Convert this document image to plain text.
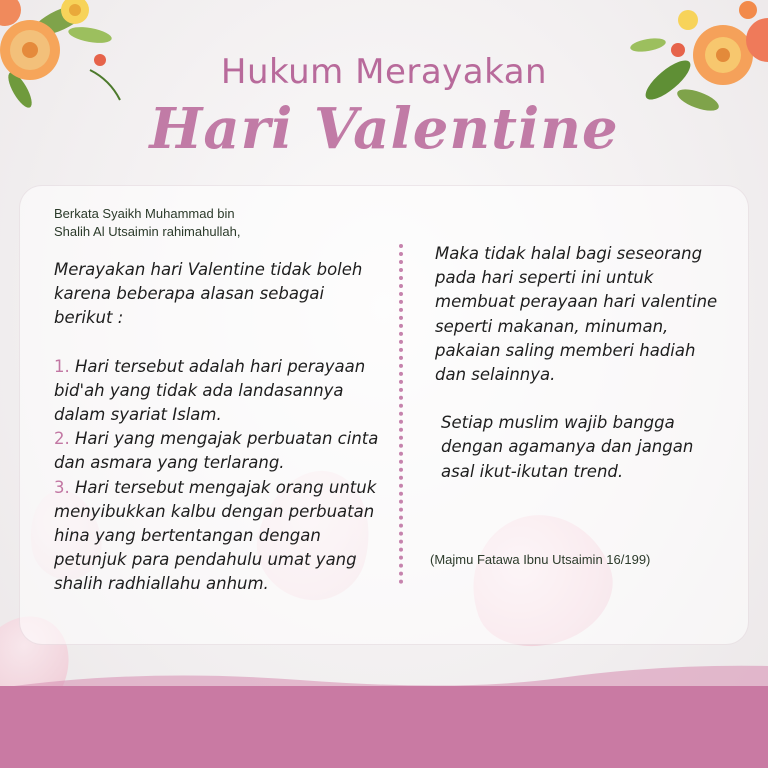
Hukum Merayakan
Hari Valentine
Berkata Syaikh Muhammad bin
Shalih Al Utsaimin rahimahullah,

Merayakan hari Valentine tidak boleh karena beberapa alasan sebagai berikut :

1. Hari tersebut adalah hari perayaan bid'ah yang tidak ada landasannya dalam syariat Islam.

2. Hari yang mengajak perbuatan cinta dan asmara yang terlarang.

3. Hari tersebut mengajak orang untuk menyibukkan kalbu dengan perbuatan hina yang bertentangan dengan petunjuk para pendahulu umat yang shalih radhiallahu anhum.

Maka tidak halal bagi seseorang pada hari seperti ini untuk membuat perayaan hari valentine seperti makanan, minuman, pakaian saling memberi hadiah dan selainnya.

Setiap muslim wajib bangga dengan agamanya dan jangan asal ikut-ikutan trend.

(Majmu Fatawa Ibnu Utsaimin 16/199)
